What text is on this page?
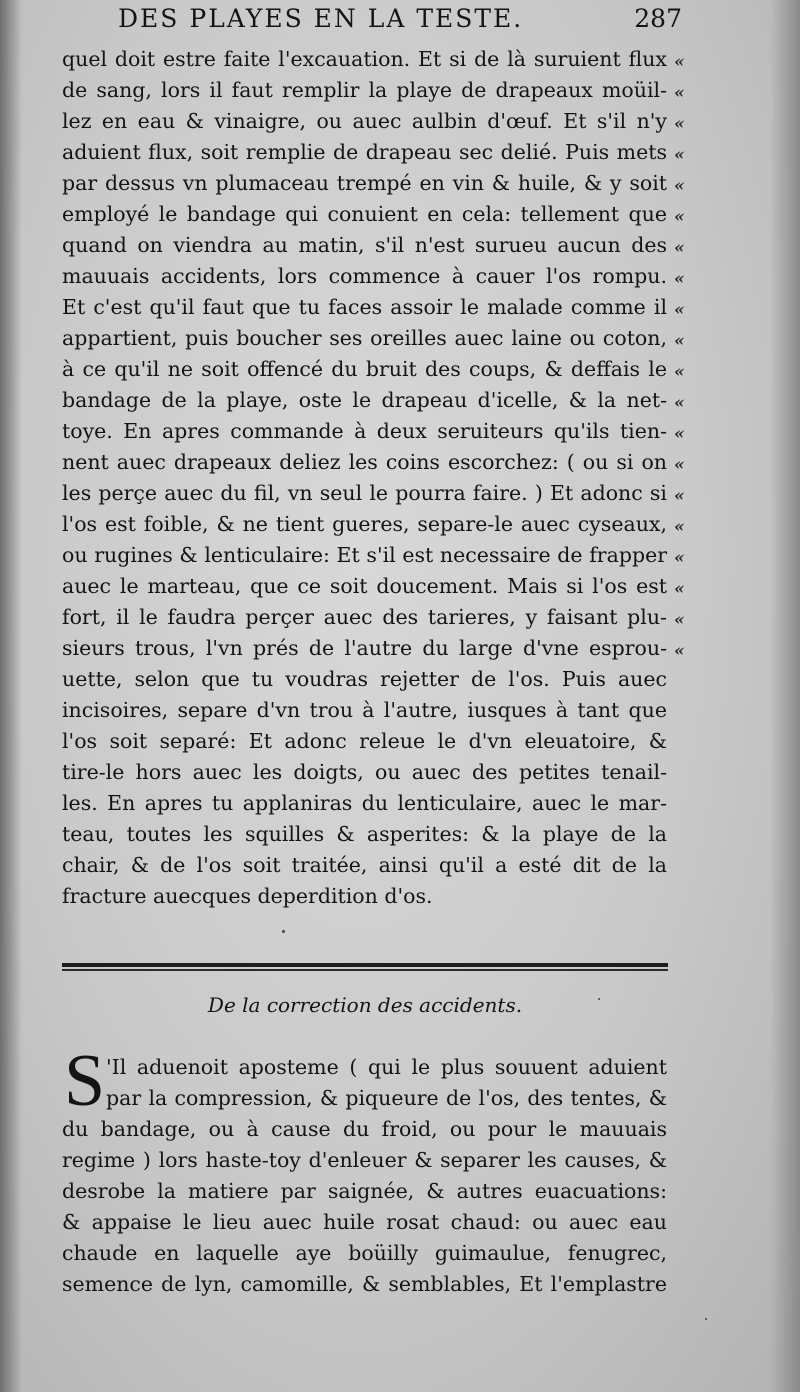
DES PLAYES EN LA TESTE.	287
quel doit estre faite l'excauation. Et si de là suruient flux
de sang, lors il faut remplir la playe de drapeaux moüil-
lez en eau & vinaigre, ou auec aulbin d'œuf. Et s'il n'y
aduient flux, soit remplie de drapeau sec delié. Puis mets
par dessus vn plumaceau trempé en vin & huile, & y soit
employé le bandage qui conuient en cela: tellement que
quand on viendra au matin, s'il n'est surueu aucun des
mauuais accidents, lors commence à cauer l'os rompu.
Et c'est qu'il faut que tu faces assoir le malade comme il
appartient, puis boucher ses oreilles auec laine ou coton,
à ce qu'il ne soit offencé du bruit des coups, & deffais le
bandage de la playe, oste le drapeau d'icelle, & la net-
toye. En apres commande à deux seruiteurs qu'ils tien-
nent auec drapeaux deliez les coins escorchez: ( ou si on
les perçe auec du fil, vn seul le pourra faire. ) Et adonc si
l'os est foible, & ne tient gueres, separe-le auec cyseaux,
ou rugines & lenticulaire: Et s'il est necessaire de frapper
auec le marteau, que ce soit doucement. Mais si l'os est
fort, il le faudra perçer auec des tarieres, y faisant plu-
sieurs trous, l'vn prés de l'autre du large d'vne esprou-
uette, selon que tu voudras rejetter de l'os. Puis auec
incisoires, separe d'vn trou à l'autre, iusques à tant que
l'os soit separé: Et adonc releue le d'vn eleuatoire, &
tire-le hors auec les doigts, ou auec des petites tenail-
les. En apres tu applaniras du lenticulaire, auec le mar-
teau, toutes les squilles & asperites: & la playe de la
chair, & de l'os soit traitée, ainsi qu'il a esté dit de la
fracture auecques deperdition d'os.
«
«
«
«
«
«
«
«
«
«
«
«
«
«
«
«
«
«
«
«
De la correction des accidents.
S 'Il aduenoit aposteme ( qui le plus souuent aduient
par la compression, & piqueure de l'os, des tentes, &
du bandage, ou à cause du froid, ou pour le mauuais
regime ) lors haste-toy d'enleuer & separer les causes, &
desrobe la matiere par saignée, & autres euacuations:
& appaise le lieu auec huile rosat chaud: ou auec eau
chaude en laquelle aye boüilly guimaulue, fenugrec,
semence de lyn, camomille, & semblables, Et l'emplastre
